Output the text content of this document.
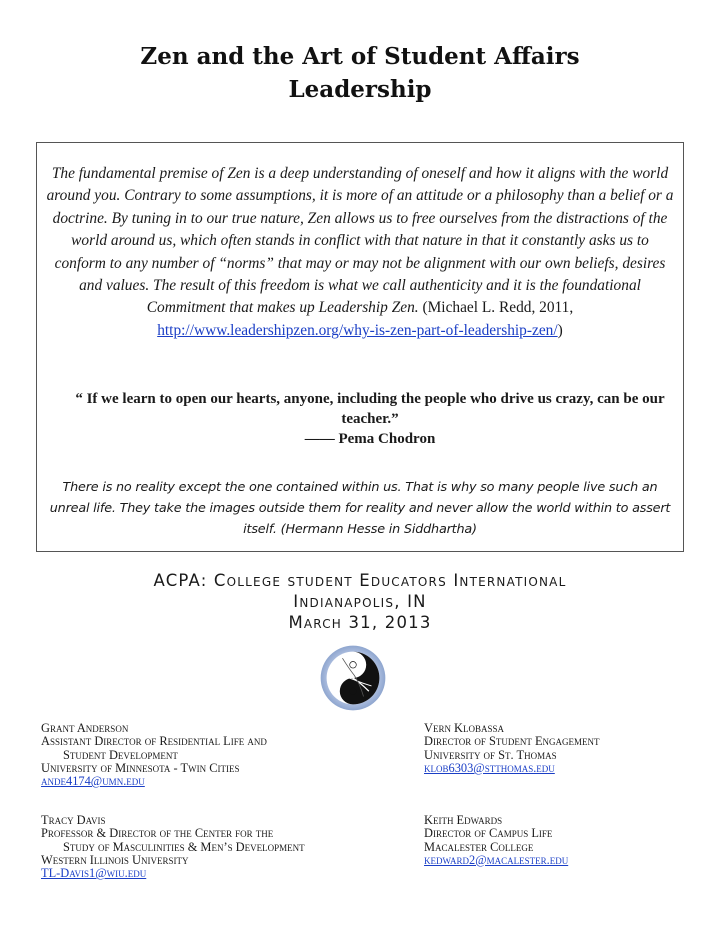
Zen and the Art of Student Affairs
Leadership
The fundamental premise of Zen is a deep understanding of oneself and how it aligns with the world around you. Contrary to some assumptions, it is more of an attitude or a philosophy than a belief or a doctrine. By tuning in to our true nature, Zen allows us to free ourselves from the distractions of the world around us, which often stands in conflict with that nature in that it constantly asks us to conform to any number of “norms” that may or may not be alignment with our own beliefs, desires and values. The result of this freedom is what we call authenticity and it is the foundational Commitment that makes up Leadership Zen. (Michael L. Redd, 2011, http://www.leadershipzen.org/why-is-zen-part-of-leadership-zen/)
“ If we learn to open our hearts, anyone, including the people who drive us crazy, can be our teacher.”
—— Pema Chodron
There is no reality except the one contained within us. That is why so many people live such an unreal life. They take the images outside them for reality and never allow the world within to assert itself. (Hermann Hesse in Siddhartha)
ACPA: College student Educators International
Indianapolis, IN
March 31, 2013
Grant Anderson
Assistant Director of Residential Life and
Student Development
University of Minnesota - Twin Cities
ande4174@umn.edu
Vern Klobassa
Director of Student Engagement
University of St. Thomas
klob6303@stthomas.edu
Tracy Davis
Professor & Director of the Center for the
Study of Masculinities & Men’s Development
Western Illinois University
TL-Davis1@wiu.edu
Keith Edwards
Director of Campus Life
Macalester College
kedward2@macalester.edu
